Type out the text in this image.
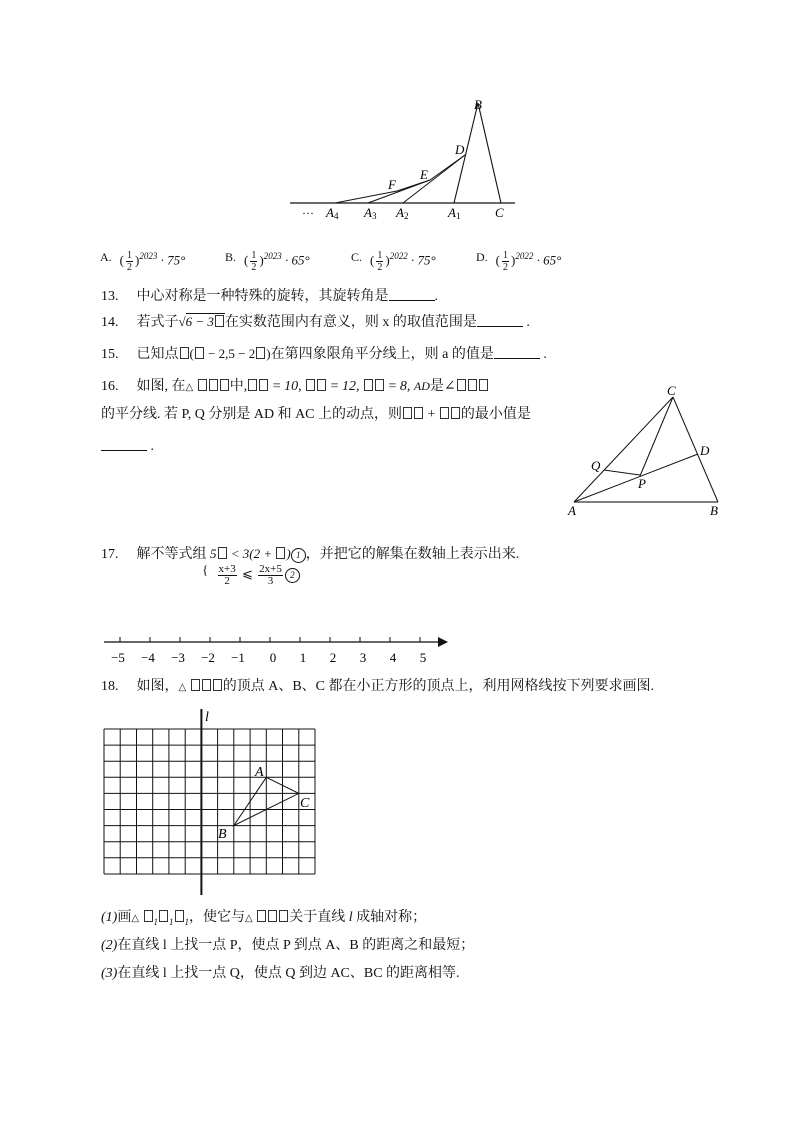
B
D
E
F
··· A4 A3 A2	A1	C
A. ( $\frac{1}{2} )^{2023} \cdot 75^\circ$	B. ( $\frac{1}{2} )^{2023} \cdot 65^\circ$	C. ( $\frac{1}{2} )^{2022} \cdot 75^\circ$	D. ( $\frac{1}{2} )^{2022} \cdot 65^\circ$
13. 中心对称是一种特殊的旋转，其旋转角是	.
14. 若式子√6 − 3 在实数范围内有意义，则 x 的取值范围是	.
15. 已知点 ( − 2,5 − 2 )在第四象限角平分线上，则 a 的值是	.
16. 如图, 在△	中, = 10,  = 12,  = 8, AD是∠
的平分线. 若 P, Q 分别是 AD 和 AC 上的动点，则 + 的最小值是
.
C
D
Q
P
A	B
17. 解不等式组 5 < 3(2 + ) 1 ，并把它的解集在数轴上表示出来.
{ $\frac{x+3}{2}$ ⩽ $\frac{2x+5}{3} 2$
−5 −4 −3 −2 −1 0 1 2 3 4 5
18. 如图，△	的顶点 A、B、C 都在小正方形的顶点上，利用网格线按下列要求画图.
l
A
C
B
(1)画△ $_1$ $_1$ $_1$，使它与△	关于直线 l 成轴对称；
(2)在直线 l 上找一点 P，使点 P 到点 A、B 的距离之和最短；
(3)在直线 l 上找一点 Q，使点 Q 到边 AC、BC 的距离相等.
